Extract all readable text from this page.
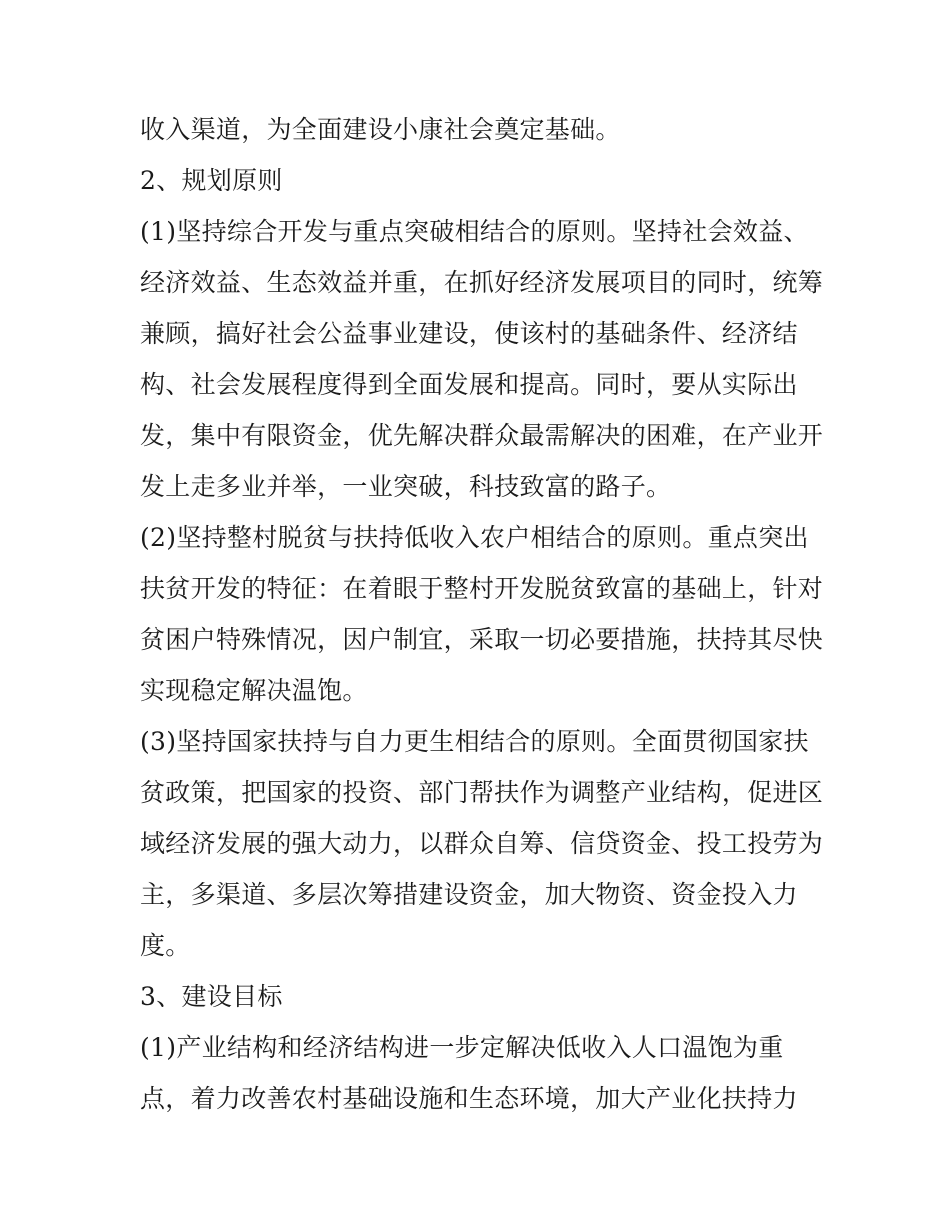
收入渠道，为全面建设小康社会奠定基础。
2、规划原则
(1)坚持综合开发与重点突破相结合的原则。坚持社会效益、
经济效益、生态效益并重，在抓好经济发展项目的同时，统筹
兼顾，搞好社会公益事业建设，使该村的基础条件、经济结
构、社会发展程度得到全面发展和提高。同时，要从实际出
发，集中有限资金，优先解决群众最需解决的困难，在产业开
发上走多业并举，一业突破，科技致富的路子。
(2)坚持整村脱贫与扶持低收入农户相结合的原则。重点突出
扶贫开发的特征：在着眼于整村开发脱贫致富的基础上，针对
贫困户特殊情况，因户制宜，采取一切必要措施，扶持其尽快
实现稳定解决温饱。
(3)坚持国家扶持与自力更生相结合的原则。全面贯彻国家扶
贫政策，把国家的投资、部门帮扶作为调整产业结构，促进区
域经济发展的强大动力，以群众自筹、信贷资金、投工投劳为
主，多渠道、多层次筹措建设资金，加大物资、资金投入力
度。
3、建设目标
(1)产业结构和经济结构进一步定解决低收入人口温饱为重
点，着力改善农村基础设施和生态环境，加大产业化扶持力
